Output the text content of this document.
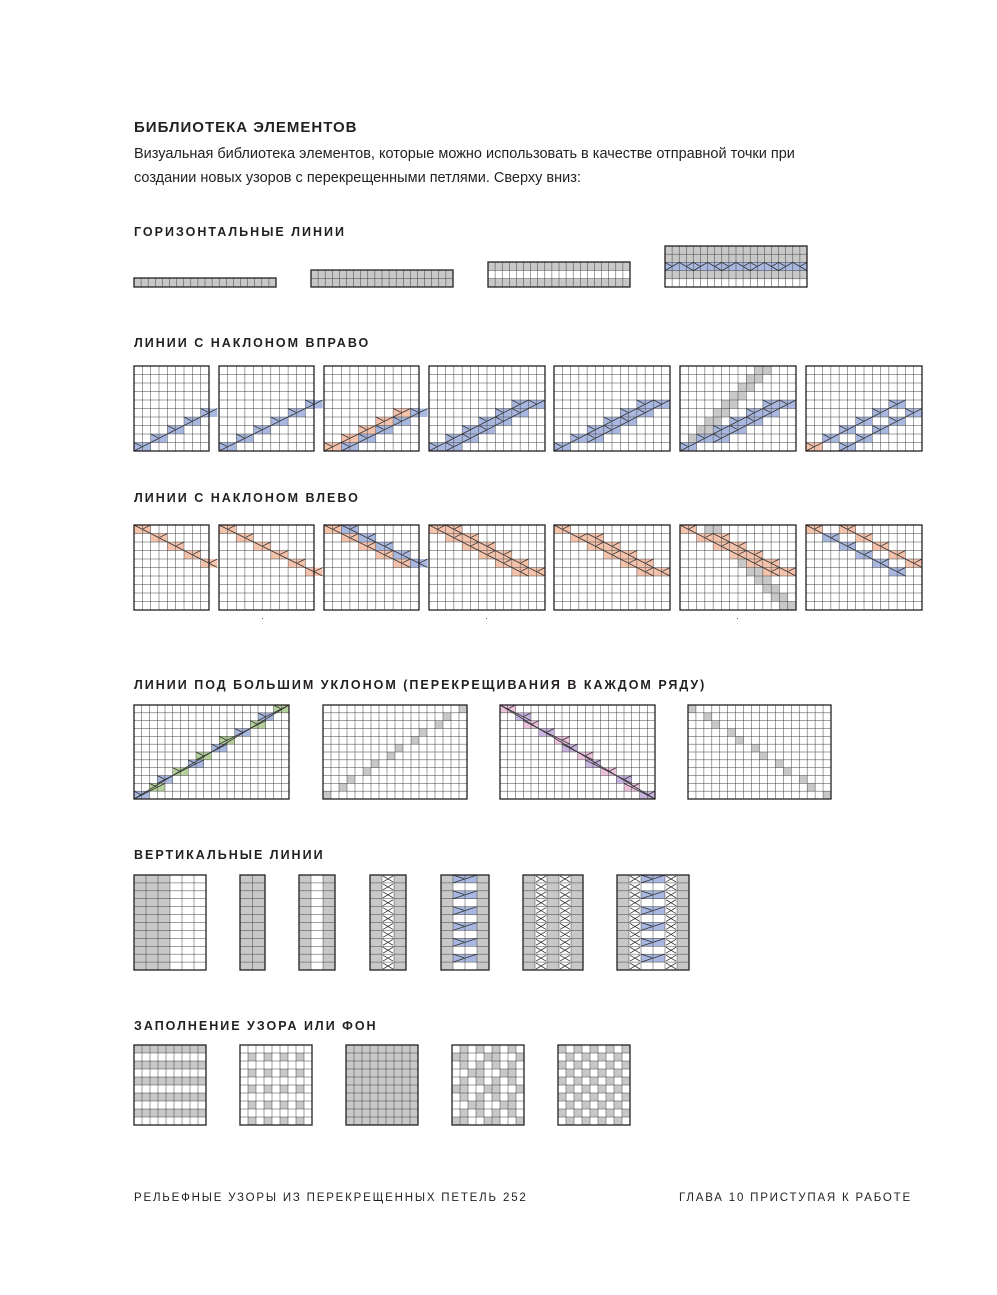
БИБЛИОТЕКА ЭЛЕМЕНТОВ

Визуальная библиотека элементов, которые можно использовать в качестве отправной точки при создании новых узоров с перекрещенными петлями. Сверху вниз:

ГОРИЗОНТАЛЬНЫЕ ЛИНИИ
ЛИНИИ С НАКЛОНОМ ВПРАВО
ЛИНИИ С НАКЛОНОМ ВЛЕВО
ЛИНИИ ПОД БОЛЬШИМ УКЛОНОМ (ПЕРЕКРЕЩИВАНИЯ В КАЖДОМ РЯДУ)
ВЕРТИКАЛЬНЫЕ ЛИНИИ
ЗАПОЛНЕНИЕ УЗОРА ИЛИ ФОН

РЕЛЬЕФНЫЕ УЗОРЫ ИЗ ПЕРЕКРЕЩЕННЫХ ПЕТЕЛЬ 252	ГЛАВА 10 ПРИСТУПАЯ К РАБОТЕ
